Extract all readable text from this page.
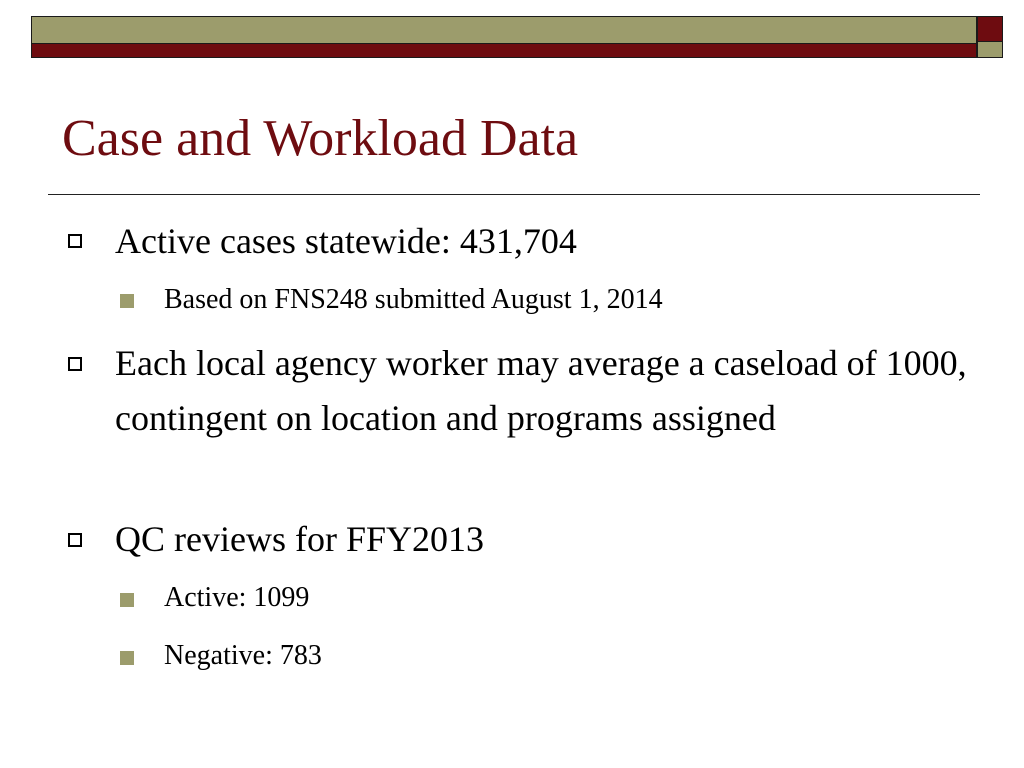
Case and Workload Data

Active cases statewide: 431,704

Based on FNS248 submitted August 1, 2014

Each local agency worker may average a caseload of 1000, contingent on location and programs assigned

QC reviews for FFY2013

Active: 1099

Negative: 783
